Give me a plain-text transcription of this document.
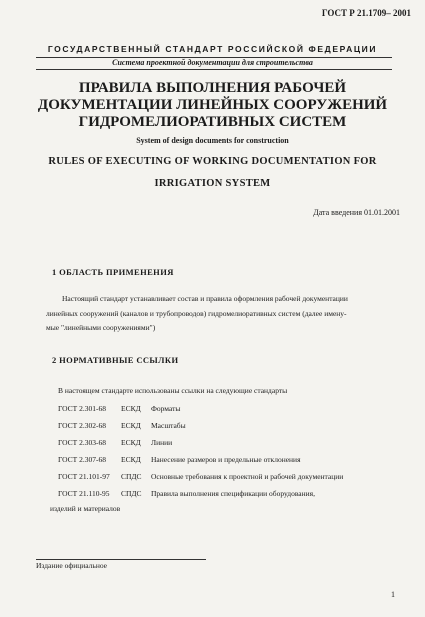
ГОСТ Р 21.1709– 2001
ГОСУДАРСТВЕННЫЙ СТАНДАРТ РОССИЙСКОЙ ФЕДЕРАЦИИ
Система проектной документации для строительства
ПРАВИЛА ВЫПОЛНЕНИЯ РАБОЧЕЙ
ДОКУМЕНТАЦИИ ЛИНЕЙНЫХ СООРУЖЕНИЙ
ГИДРОМЕЛИОРАТИВНЫХ СИСТЕМ
System of design documents for construction
RULES OF EXECUTING OF WORKING DOCUMENTATION FOR
IRRIGATION SYSTEM
Дата введения 01.01.2001
1 ОБЛАСТЬ ПРИМЕНЕНИЯ
Настоящий стандарт устанавливает состав и правила оформления рабочей документации
линейных сооружений (каналов и трубопроводов) гидромелиоративных систем (далее имену-
мые "линейными сооружениями")
2 НОРМАТИВНЫЕ ССЫЛКИ
В настоящем стандарте использованы ссылки на следующие стандарты
ГОСТ 2.301-68 ЕСКД Форматы
ГОСТ 2.302-68 ЕСКД Масштабы
ГОСТ 2.303-68 ЕСКД Линии
ГОСТ 2.307-68 ЕСКД Нанесение размеров и предельные отклонения
ГОСТ 21.101-97 СПДС Основные требования к проектной и рабочей документации
ГОСТ 21.110-95 СПДС Правила выполнения спецификации оборудования,
изделий и материалов
Издание официальное
1
